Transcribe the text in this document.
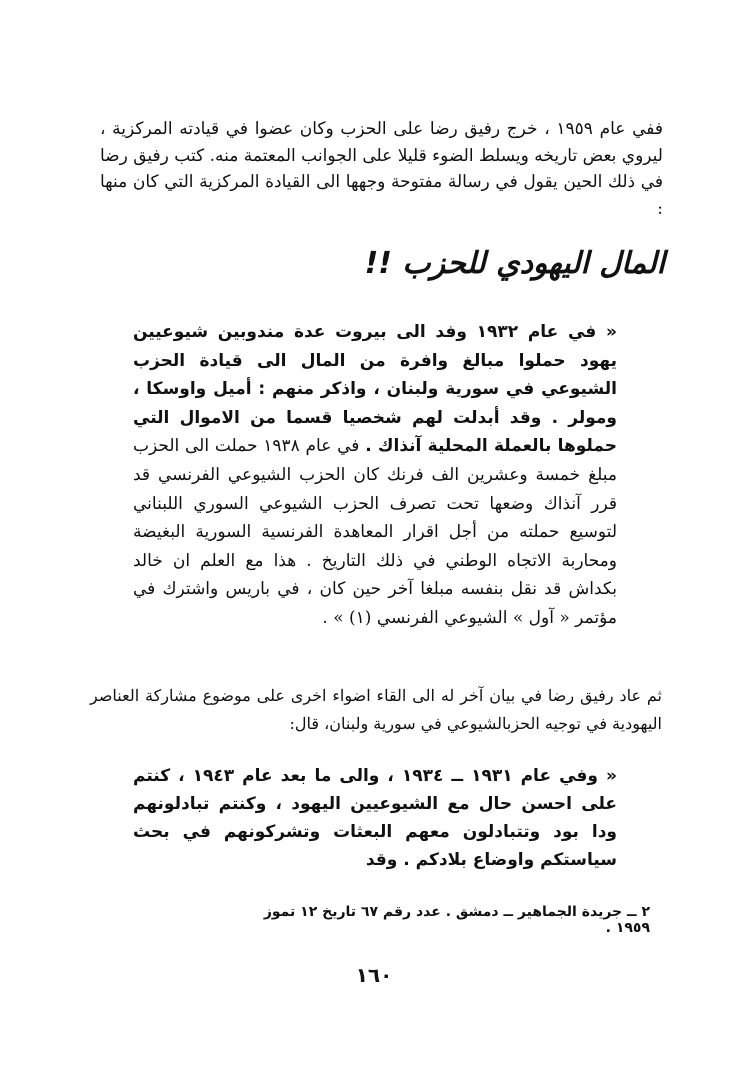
ففي عام ١٩٥٩ ، خرج رفيق رضا على الحزب وكان عضوا في قيادته المركزية ، ليروي بعض تاريخه ويسلط الضوء قليلا على الجوانب المعتمة منه. كتب رفيق رضا في ذلك الحين يقول في رسالة مفتوحة وجهها الى القيادة المركزية التي كان منها :

المال اليهودي للحزب !!

« في عام ١٩٣٢ وفد الى بيروت عدة مندوبين شيوعيين يهود حملوا مبالغ وافرة من المال الى قيادة الحزب الشيوعي في سورية ولبنان ، واذكر منهم : أميل واوسكا ، ومولر . وقد أبدلت لهم شخصيا قسما من الاموال التي حملوها بالعملة المحلية آنذاك . في عام ١٩٣٨ حملت الى الحزب مبلغ خمسة وعشرين الف فرنك كان الحزب الشيوعي الفرنسي قد قرر آنذاك وضعها تحت تصرف الحزب الشيوعي السوري اللبناني لتوسيع حملته من أجل اقرار المعاهدة الفرنسية السورية البغيضة ومحاربة الاتجاه الوطني في ذلك التاريخ . هذا مع العلم ان خالد بكداش قد نقل بنفسه مبلغا آخر حين كان ، في باريس واشترك في مؤتمر « آول » الشيوعي الفرنسي (١) » .

ثم عاد رفيق رضا في بيان آخر له الى القاء اضواء اخرى على موضوع مشاركة العناصر اليهودية في توجيه الحزبالشيوعي في سورية ولبنان، قال:

« وفي عام ١٩٣١ ــ ١٩٣٤ ، والى ما بعد عام ١٩٤٣ ، كنتم على احسن حال مع الشيوعيين اليهود ، وكنتم تبادلونهم ودا بود وتتبادلون معهم البعثات وتشركونهم في بحث سياستكم واوضاع بلادكم . وقد

٢ ــ جريدة الجماهير ــ دمشق . عدد رقم ٦٧ تاريخ ١٢ تموز ١٩٥٩ .
١٦٠
